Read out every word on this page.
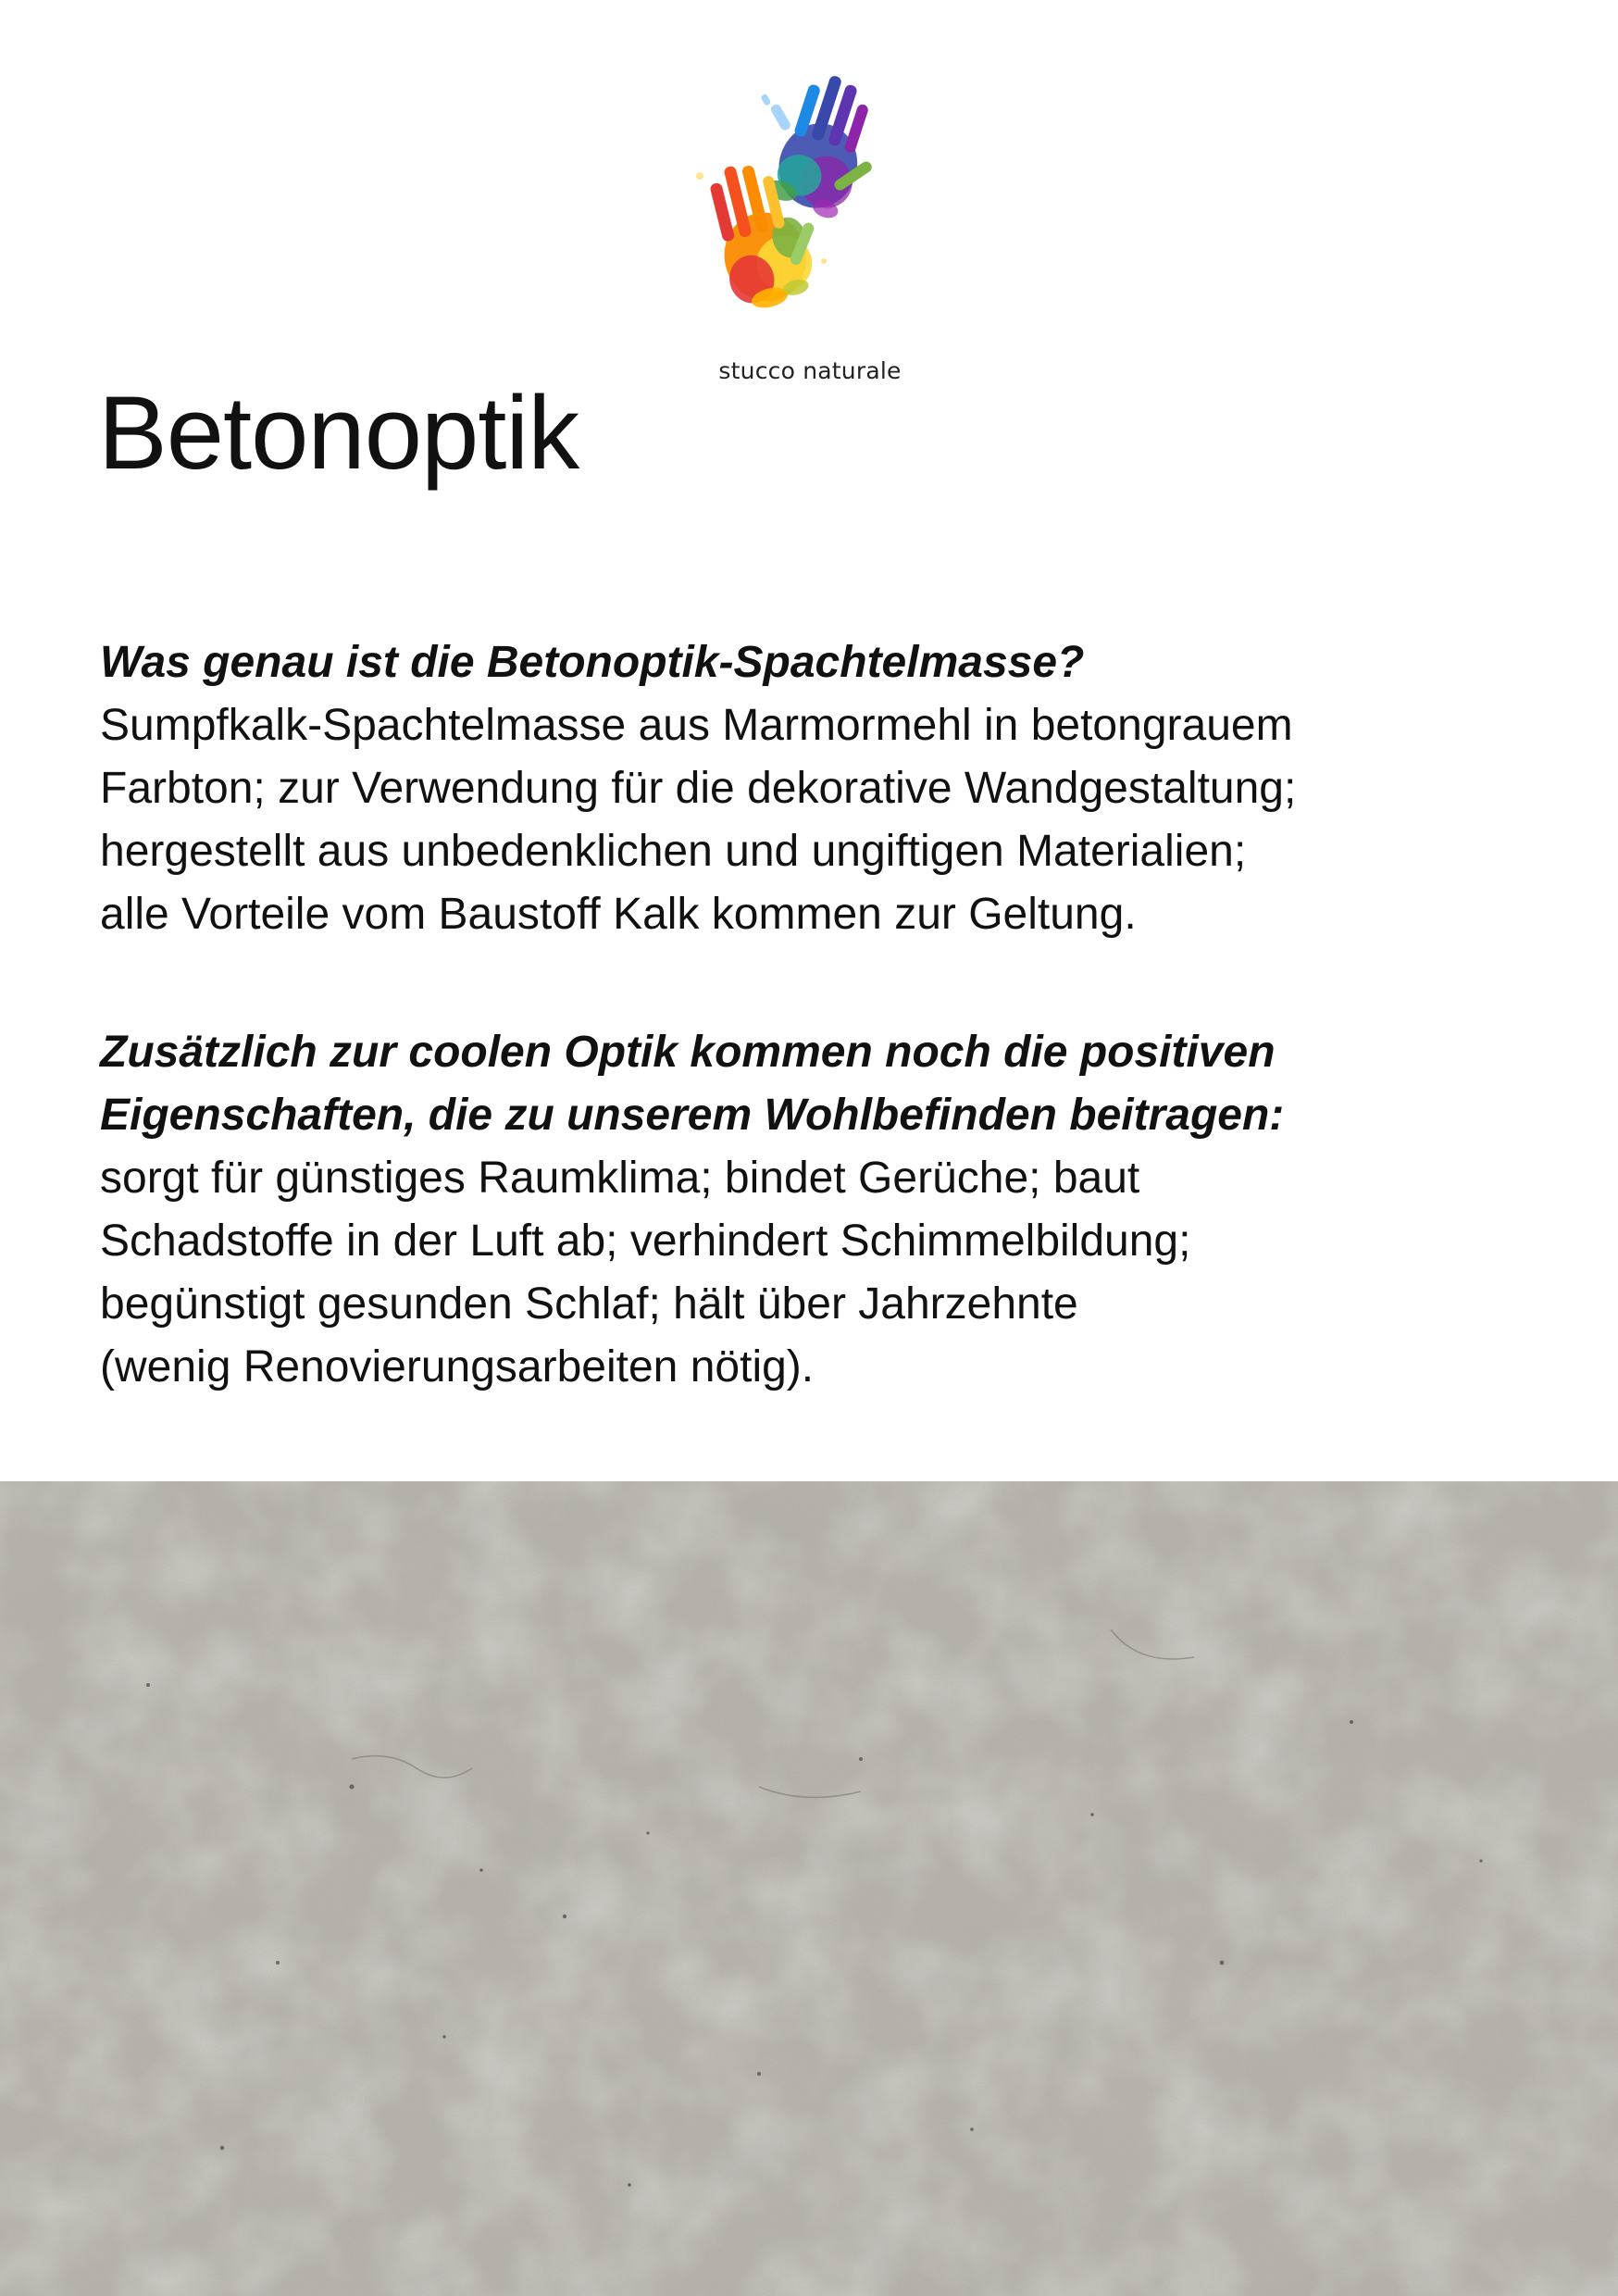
stucco naturale
Betonoptik

Was genau ist die Betonoptik-Spachtelmasse?

Sumpfkalk-Spachtelmasse aus Marmormehl in betongrauem

Farbton; zur Verwendung für die dekorative Wandgestaltung;

hergestellt aus unbedenklichen und ungiftigen Materialien;

alle Vorteile vom Baustoff Kalk kommen zur Geltung.

Zusätzlich zur coolen Optik kommen noch die positiven

Eigenschaften, die zu unserem Wohlbefinden beitragen:

sorgt für günstiges Raumklima; bindet Gerüche; baut

Schadstoffe in der Luft ab; verhindert Schimmelbildung;

begünstigt gesunden Schlaf; hält über Jahrzehnte

(wenig Renovierungsarbeiten nötig).
